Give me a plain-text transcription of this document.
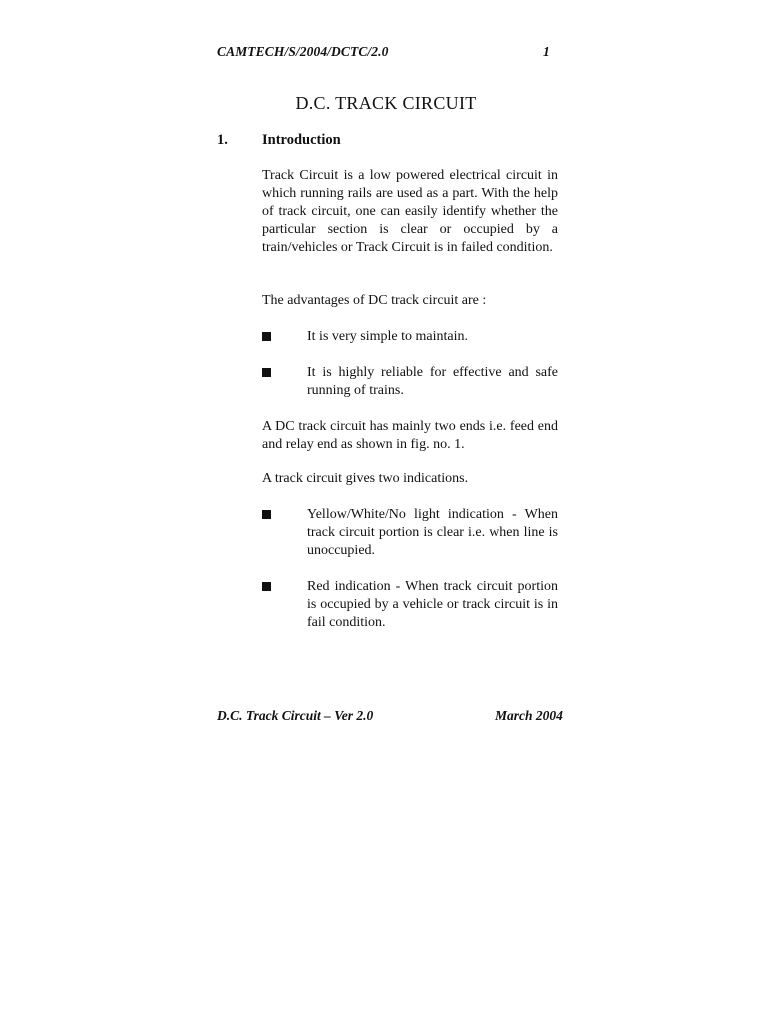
CAMTECH/S/2004/DCTC/2.0	1
D.C. TRACK CIRCUIT
1. Introduction
Track Circuit is a low powered electrical circuit in which running rails are used as a part. With the help of track circuit, one can easily identify whether the particular section is clear or occupied by a train/vehicles or Track Circuit is in failed condition.
The advantages of DC track circuit are :
It is very simple to maintain.
It is highly reliable for effective and safe running of trains.
A DC track circuit has mainly two ends i.e. feed end and relay end as shown in fig. no. 1.
A track circuit gives two indications.
Yellow/White/No light indication - When track circuit portion is clear i.e. when line is unoccupied.
Red indication - When track circuit portion is occupied by a vehicle or track circuit is in fail condition.
D.C. Track Circuit – Ver 2.0	March 2004
